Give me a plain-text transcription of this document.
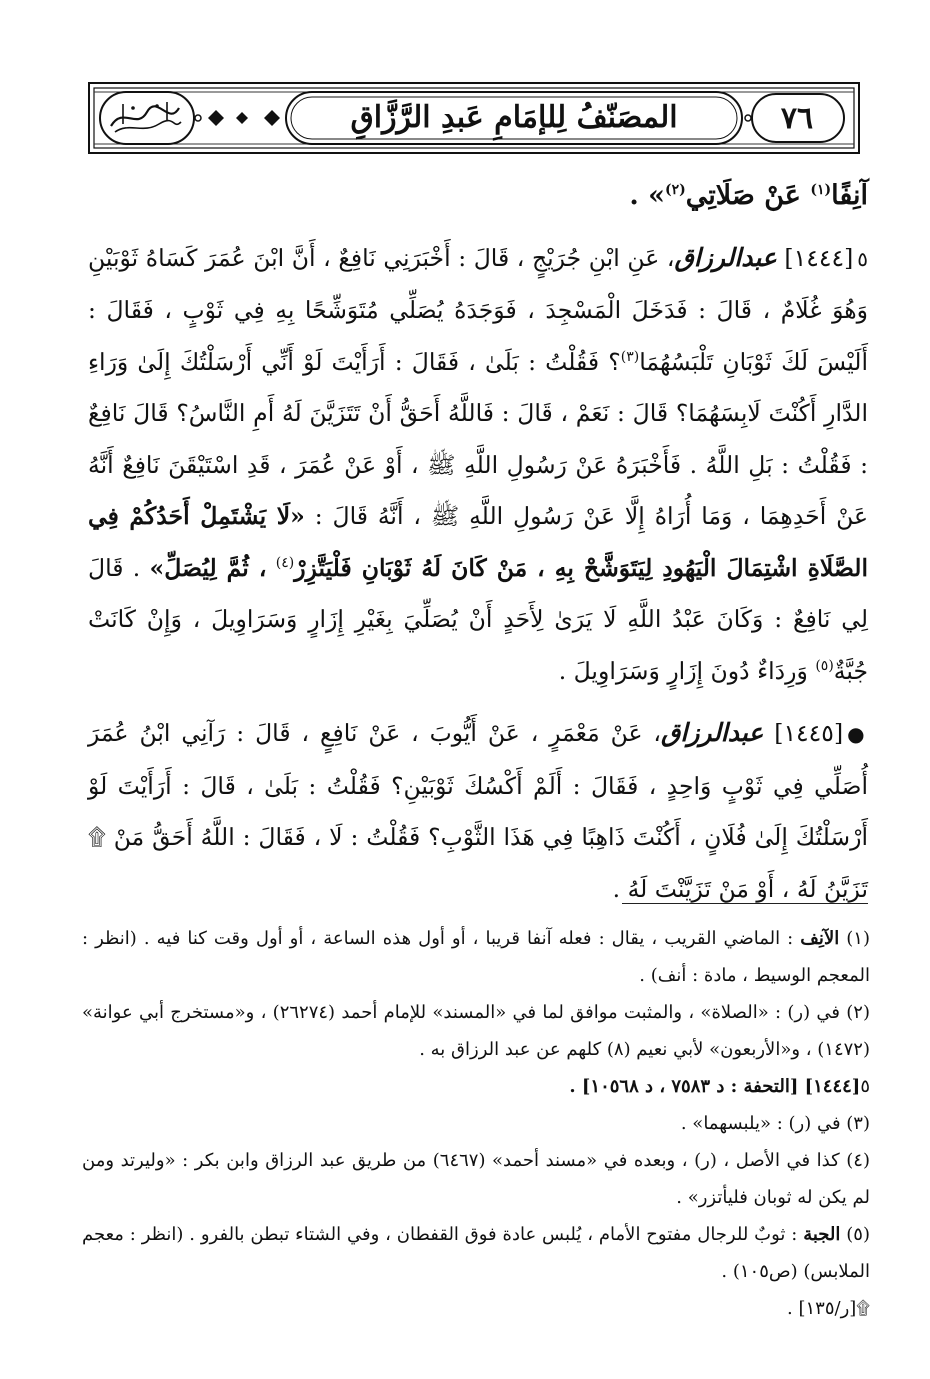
المصَنّفُ لِلإمَامِ عَبدِ الرَّزَّاقِ	٧٦

آنِفًا$^{(١)}$ عَنْ صَلَاتِي$^{(٢)}$» .

٥[١٤٤٤] عبدالرزاق، عَنِ ابْنِ جُرَيْجٍ ، قَالَ : أَخْبَرَنِي نَافِعٌ ، أَنَّ ابْنَ عُمَرَ كَسَاهُ ثَوْبَيْنِ وَهُوَ غُلَامٌ ، قَالَ : فَدَخَلَ الْمَسْجِدَ ، فَوَجَدَهُ يُصَلِّي مُتَوَشِّحًا بِهِ فِي ثَوْبٍ ، فَقَالَ : أَلَيْسَ لَكَ ثَوْبَانِ تَلْبَسُهُمَا$^{(٣)}$؟ فَقُلْتُ : بَلَىٰ ، فَقَالَ : أَرَأَيْتَ لَوْ أَنِّي أَرْسَلْتُكَ إِلَىٰ وَرَاءِ الدَّارِ أَكُنْتَ لَابِسَهُمَا؟ قَالَ : نَعَمْ ، قَالَ : فَاللَّهُ أَحَقُّ أَنْ تَتَزَيَّنَ لَهُ أَمِ النَّاسُ؟ قَالَ نَافِعٌ : فَقُلْتُ : بَلِ اللَّهُ . فَأَخْبَرَهُ عَنْ رَسُولِ اللَّهِ ﷺ ، أَوْ عَنْ عُمَرَ ، قَدِ اسْتَيْقَنَ نَافِعٌ أَنَّهُ عَنْ أَحَدِهِمَا ، وَمَا أُرَاهُ إِلَّا عَنْ رَسُولِ اللَّهِ ﷺ ، أَنَّهُ قَالَ : «لَا يَشْتَمِلْ أَحَدُكُمْ فِي الصَّلَاةِ اشْتِمَالَ الْيَهُودِ لِيَتَوَشَّحْ بِهِ ، مَنْ كَانَ لَهُ ثَوْبَانِ فَلْيَتَّزِرْ$^{(٤)}$ ، ثُمَّ لِيُصَلِّ» . قَالَ لِي نَافِعٌ : وَكَانَ عَبْدُ اللَّهِ لَا يَرَىٰ لِأَحَدٍ أَنْ يُصَلِّيَ بِغَيْرِ إِزَارٍ وَسَرَاوِيلَ ، وَإِنْ كَانَتْ جُبَّةٌ$^{(٥)}$ وَرِدَاءٌ دُونَ إِزَارٍ وَسَرَاوِيلَ .

●[١٤٤٥] عبدالرزاق، عَنْ مَعْمَرٍ ، عَنْ أَيُّوبَ ، عَنْ نَافِعٍ ، قَالَ : رَآنِي ابْنُ عُمَرَ أُصَلِّي فِي ثَوْبٍ وَاحِدٍ ، فَقَالَ : أَلَمْ أَكْسُكَ ثَوْبَيْنِ؟ فَقُلْتُ : بَلَىٰ ، قَالَ : أَرَأَيْتَ لَوْ أَرْسَلْتُكَ إِلَىٰ فُلَانٍ ، أَكُنْتَ ذَاهِبًا فِي هَذَا الثَّوْبِ؟ فَقُلْتُ : لَا ، فَقَالَ : اللَّهُ أَحَقُّ مَنْ ۩ تَزَيَّنُ لَهُ ، أَوْ مَنْ تَزَيَّنْتَ لَهُ .

(١) الآنِف : الماضي القريب ، يقال : فعله آنفا قريبا ، أو أول هذه الساعة ، أو أول وقت كنا فيه . (انظر : المعجم الوسيط ، مادة : أنف) .

(٢) في (ر) : «الصلاة» ، والمثبت موافق لما في «المسند» للإمام أحمد (٢٦٢٧٤) ، و«مستخرج أبي عوانة» (١٤٧٢) ، و«الأربعون» لأبي نعيم (٨) كلهم عن عبد الرزاق به .

٥[١٤٤٤] [التحفة : د ٧٥٨٣ ، د ١٠٥٦٨] .

(٣) في (ر) : «يلبسهما» .

(٤) كذا في الأصل ، (ر) ، وبعده في «مسند أحمد» (٦٤٦٧) من طريق عبد الرزاق وابن بكر : «وليرتد ومن لم يكن له ثوبان فليأتزر» .

(٥) الجبة : ثوبٌ للرجال مفتوح الأمام ، يُلبس عادة فوق القفطان ، وفي الشتاء تبطن بالفرو . (انظر : معجم الملابس) (ص١٠٥) .

۩[ر/١٣٥] .
